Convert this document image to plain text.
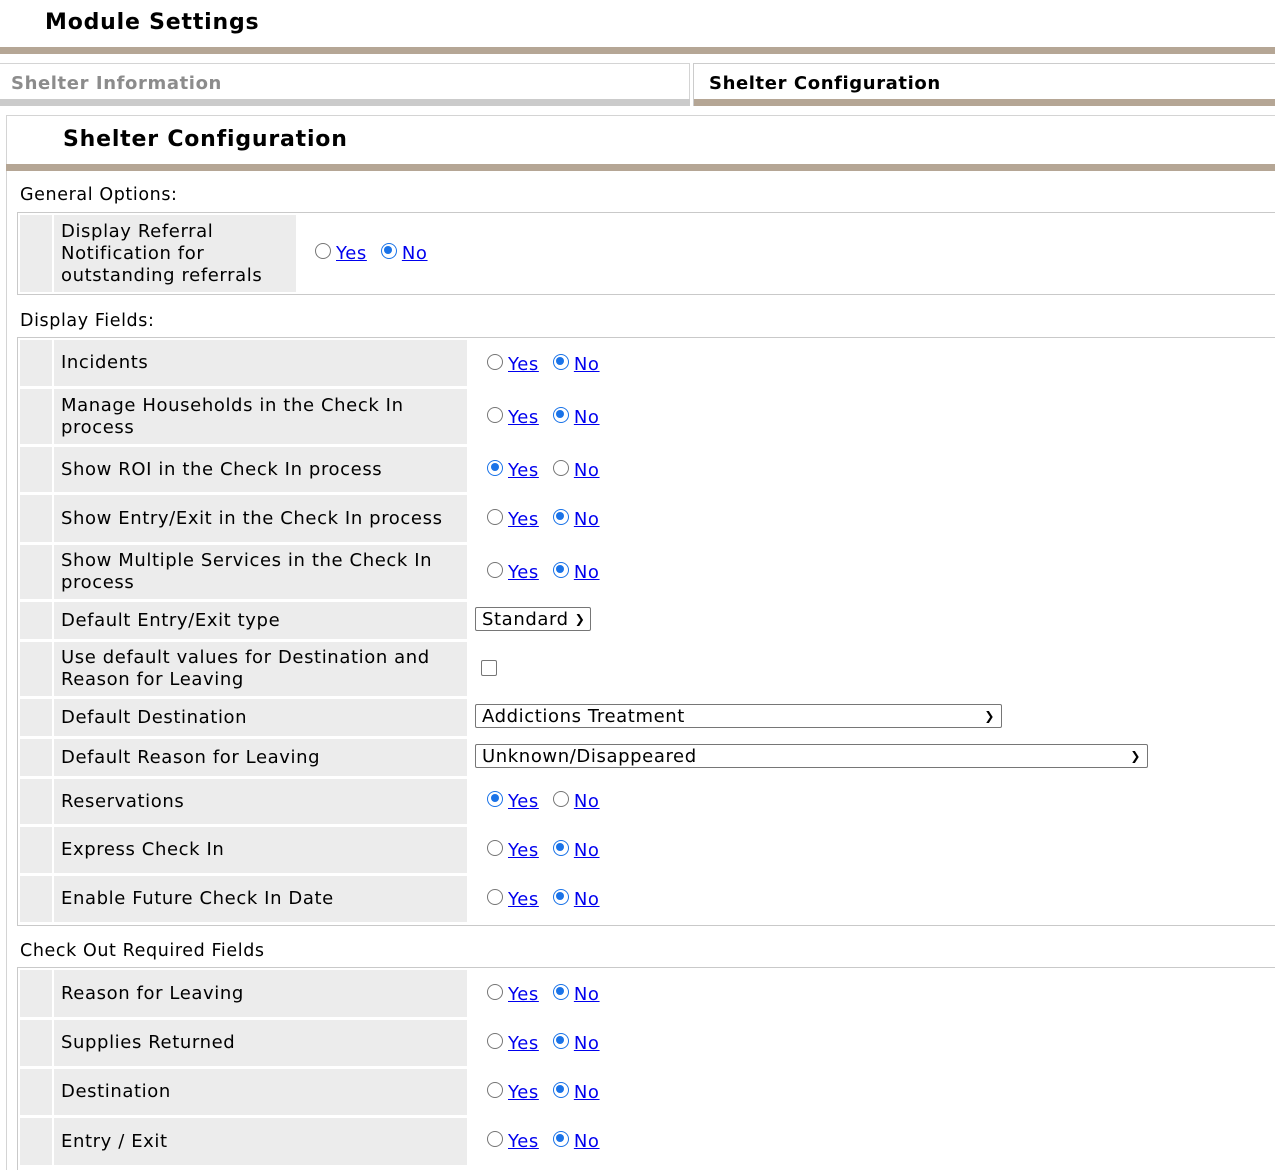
Module Settings
Shelter Information	Shelter Configuration
Shelter Configuration
General Options:
Display Referral Notification for outstanding referrals
Yes No
Display Fields:
Incidents	Yes No
Manage Households in the Check In process	Yes No
Show ROI in the Check In process	Yes No
Show Entry/Exit in the Check In process	Yes No
Show Multiple Services in the Check In process	Yes No
Default Entry/Exit type	Standard ❯
Use default values for Destination and Reason for Leaving
Default Destination	Addictions Treatment	❯
Default Reason for Leaving	Unknown/Disappeared	❯
Reservations	Yes No
Express Check In	Yes No
Enable Future Check In Date	Yes No
Check Out Required Fields
Reason for Leaving	Yes No
Supplies Returned	Yes No
Destination	Yes No
Entry / Exit	Yes No
